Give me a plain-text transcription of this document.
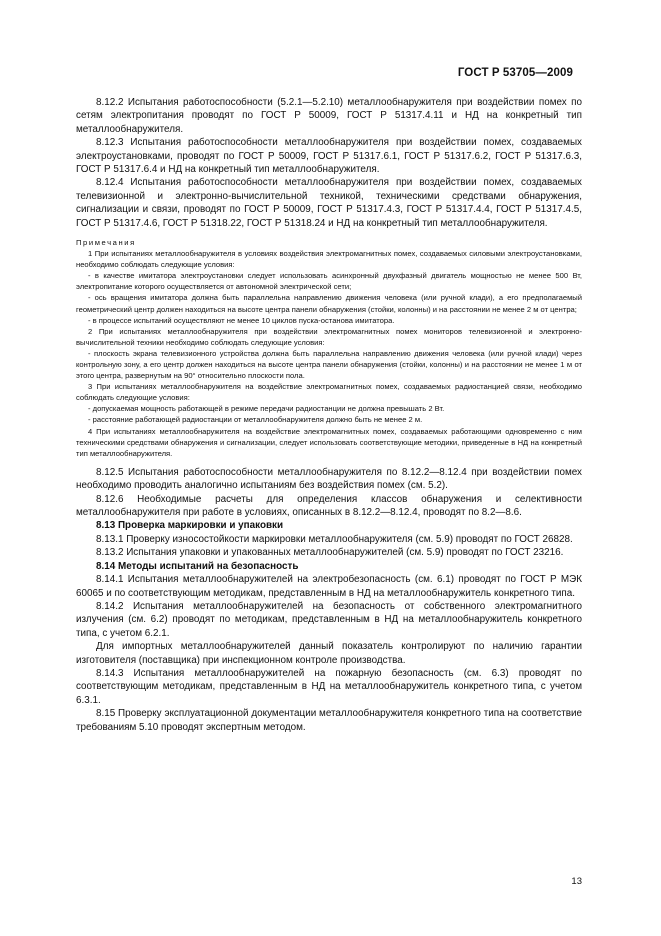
ГОСТ Р 53705—2009

8.12.2 Испытания работоспособности (5.2.1—5.2.10) металлообнаружителя при воздействии помех по сетям электропитания проводят по ГОСТ Р 50009, ГОСТ Р 51317.4.11 и НД на конкретный тип металлообнаружителя.

8.12.3 Испытания работоспособности металлообнаружителя при воздействии помех, создаваемых электроустановками, проводят по ГОСТ Р 50009, ГОСТ Р 51317.6.1, ГОСТ Р 51317.6.2, ГОСТ Р 51317.6.3, ГОСТ Р 51317.6.4 и НД на конкретный тип металлообнаружителя.

8.12.4 Испытания работоспособности металлообнаружителя при воздействии помех, создаваемых телевизионной и электронно-вычислительной техникой, техническими средствами обнаружения, сигнализации и связи, проводят по ГОСТ Р 50009, ГОСТ Р 51317.4.3, ГОСТ Р 51317.4.4, ГОСТ Р 51317.4.5, ГОСТ Р 51317.4.6, ГОСТ Р 51318.22, ГОСТ Р 51318.24 и НД на конкретный тип металлообнаружителя.

Примечания

1 При испытаниях металлообнаружителя в условиях воздействия электромагнитных помех, создаваемых силовыми электроустановками, необходимо соблюдать следующие условия:

- в качестве имитатора электроустановки следует использовать асинхронный двухфазный двигатель мощностью не менее 500 Вт, электропитание которого осуществляется от автономной электрической сети;

- ось вращения имитатора должна быть параллельна направлению движения человека (или ручной клади), а его предполагаемый геометрический центр должен находиться на высоте центра панели обнаружения (стойки, колонны) и на расстоянии не менее 2 м от центра;

- в процессе испытаний осуществляют не менее 10 циклов пуска-останова имитатора.

2 При испытаниях металлообнаружителя при воздействии электромагнитных помех мониторов телевизионной и электронно-вычислительной техники необходимо соблюдать следующие условия:

- плоскость экрана телевизионного устройства должна быть параллельна направлению движения человека (или ручной клади) через контрольную зону, а его центр должен находиться на высоте центра панели обнаружения (стойки, колонны) и на расстоянии не менее 1 м от этого центра, развернутым на 90° относительно плоскости пола.

3 При испытаниях металлообнаружителя на воздействие электромагнитных помех, создаваемых радиостанцией связи, необходимо соблюдать следующие условия:

- допускаемая мощность работающей в режиме передачи радиостанции не должна превышать 2 Вт.

- расстояние работающей радиостанции от металлообнаружителя должно быть не менее 2 м.

4 При испытаниях металлообнаружителя на воздействие электромагнитных помех, создаваемых работающими одновременно с ним техническими средствами обнаружения и сигнализации, следует использовать соответствующие методики, приведенные в НД на конкретный тип металлообнаружителя.

8.12.5 Испытания работоспособности металлообнаружителя по 8.12.2—8.12.4 при воздействии помех необходимо проводить аналогично испытаниям без воздействия помех (см. 5.2).

8.12.6 Необходимые расчеты для определения классов обнаружения и селективности металлообнаружителя при работе в условиях, описанных в 8.12.2—8.12.4, проводят по 8.2—8.6.

8.13 Проверка маркировки и упаковки

8.13.1 Проверку износостойкости маркировки металлообнаружителя (см. 5.9) проводят по ГОСТ 26828.

8.13.2 Испытания упаковки и упакованных металлообнаружителей (см. 5.9) проводят по ГОСТ 23216.

8.14 Методы испытаний на безопасность

8.14.1 Испытания металлообнаружителей на электробезопасность (см. 6.1) проводят по ГОСТ Р МЭК 60065 и по соответствующим методикам, представленным в НД на металлообнаружитель конкретного типа.

8.14.2 Испытания металлообнаружителей на безопасность от собственного электромагнитного излучения (см. 6.2) проводят по методикам, представленным в НД на металлообнаружитель конкретного типа, с учетом 6.2.1.

Для импортных металлообнаружителей данный показатель контролируют по наличию гарантии изготовителя (поставщика) при инспекционном контроле производства.

8.14.3 Испытания металлообнаружителей на пожарную безопасность (см. 6.3) проводят по соответствующим методикам, представленным в НД на металлообнаружитель конкретного типа, с учетом 6.3.1.

8.15 Проверку эксплуатационной документации металлообнаружителя конкретного типа на соответствие требованиям 5.10 проводят экспертным методом.

13
